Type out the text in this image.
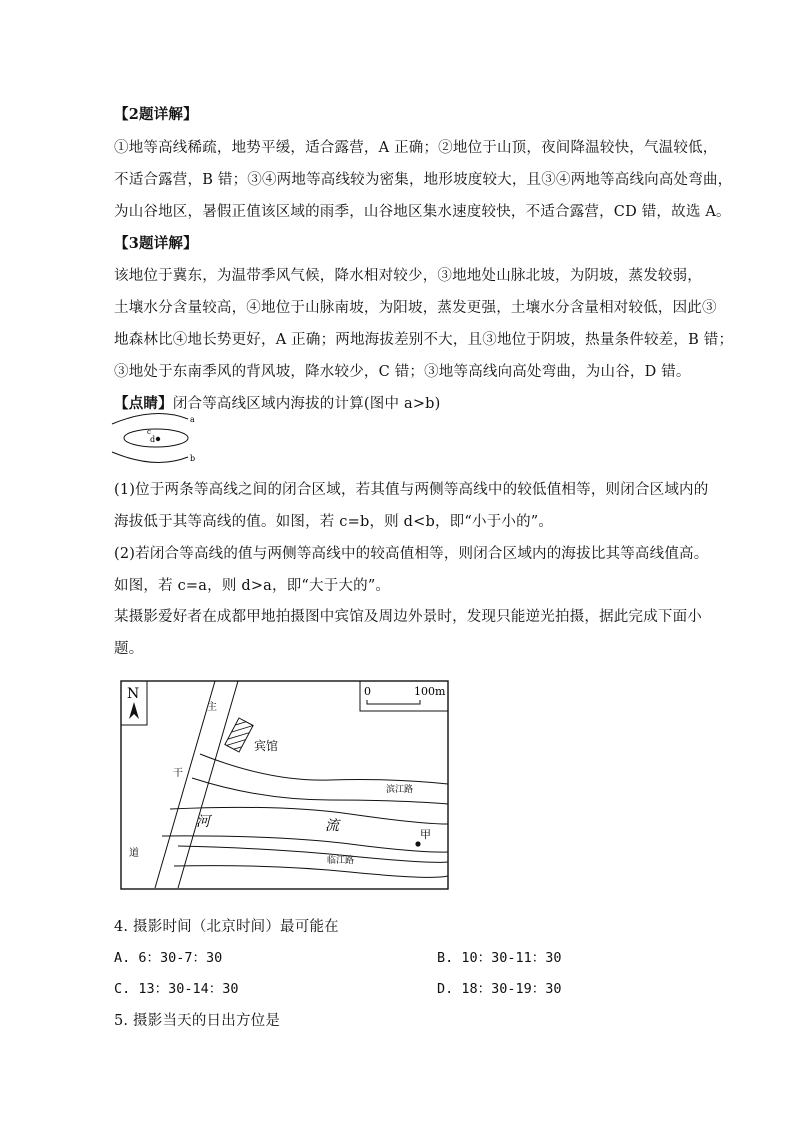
【2题详解】
①地等高线稀疏，地势平缓，适合露营，A 正确；②地位于山顶，夜间降温较快，气温较低，
不适合露营，B 错；③④两地等高线较为密集，地形坡度较大，且③④两地等高线向高处弯曲，
为山谷地区，暑假正值该区域的雨季，山谷地区集水速度较快，不适合露营，CD 错，故选 A。
【3题详解】
该地位于冀东，为温带季风气候，降水相对较少，③地地处山脉北坡，为阴坡，蒸发较弱，
土壤水分含量较高，④地位于山脉南坡，为阳坡，蒸发更强，土壤水分含量相对较低，因此③
地森林比④地长势更好，A 正确；两地海拔差别不大，且③地位于阴坡，热量条件较差，B 错；
③地处于东南季风的背风坡，降水较少，C 错；③地等高线向高处弯曲，为山谷，D 错。
【点睛】闭合等高线区域内海拔的计算(图中 a>b)
a
b
c
d
(1)位于两条等高线之间的闭合区域，若其值与两侧等高线中的较低值相等，则闭合区域内的
海拔低于其等高线的值。如图，若 c=b，则 d<b，即“小于小的”。
(2)若闭合等高线的值与两侧等高线中的较高值相等，则闭合区域内的海拔比其等高线值高。
如图，若 c=a，则 d>a，即“大于大的”。
某摄影爱好者在成都甲地拍摄图中宾馆及周边外景时，发现只能逆光拍摄，据此完成下面小
题。
N	0	100m
主
干
道
宾馆
滨江路
河	流
临江路
甲
4. 摄影时间（北京时间）最可能在
A. 6：30-7：30	B. 10：30-11：30
C. 13：30-14：30	D. 18：30-19：30
5. 摄影当天的日出方位是
